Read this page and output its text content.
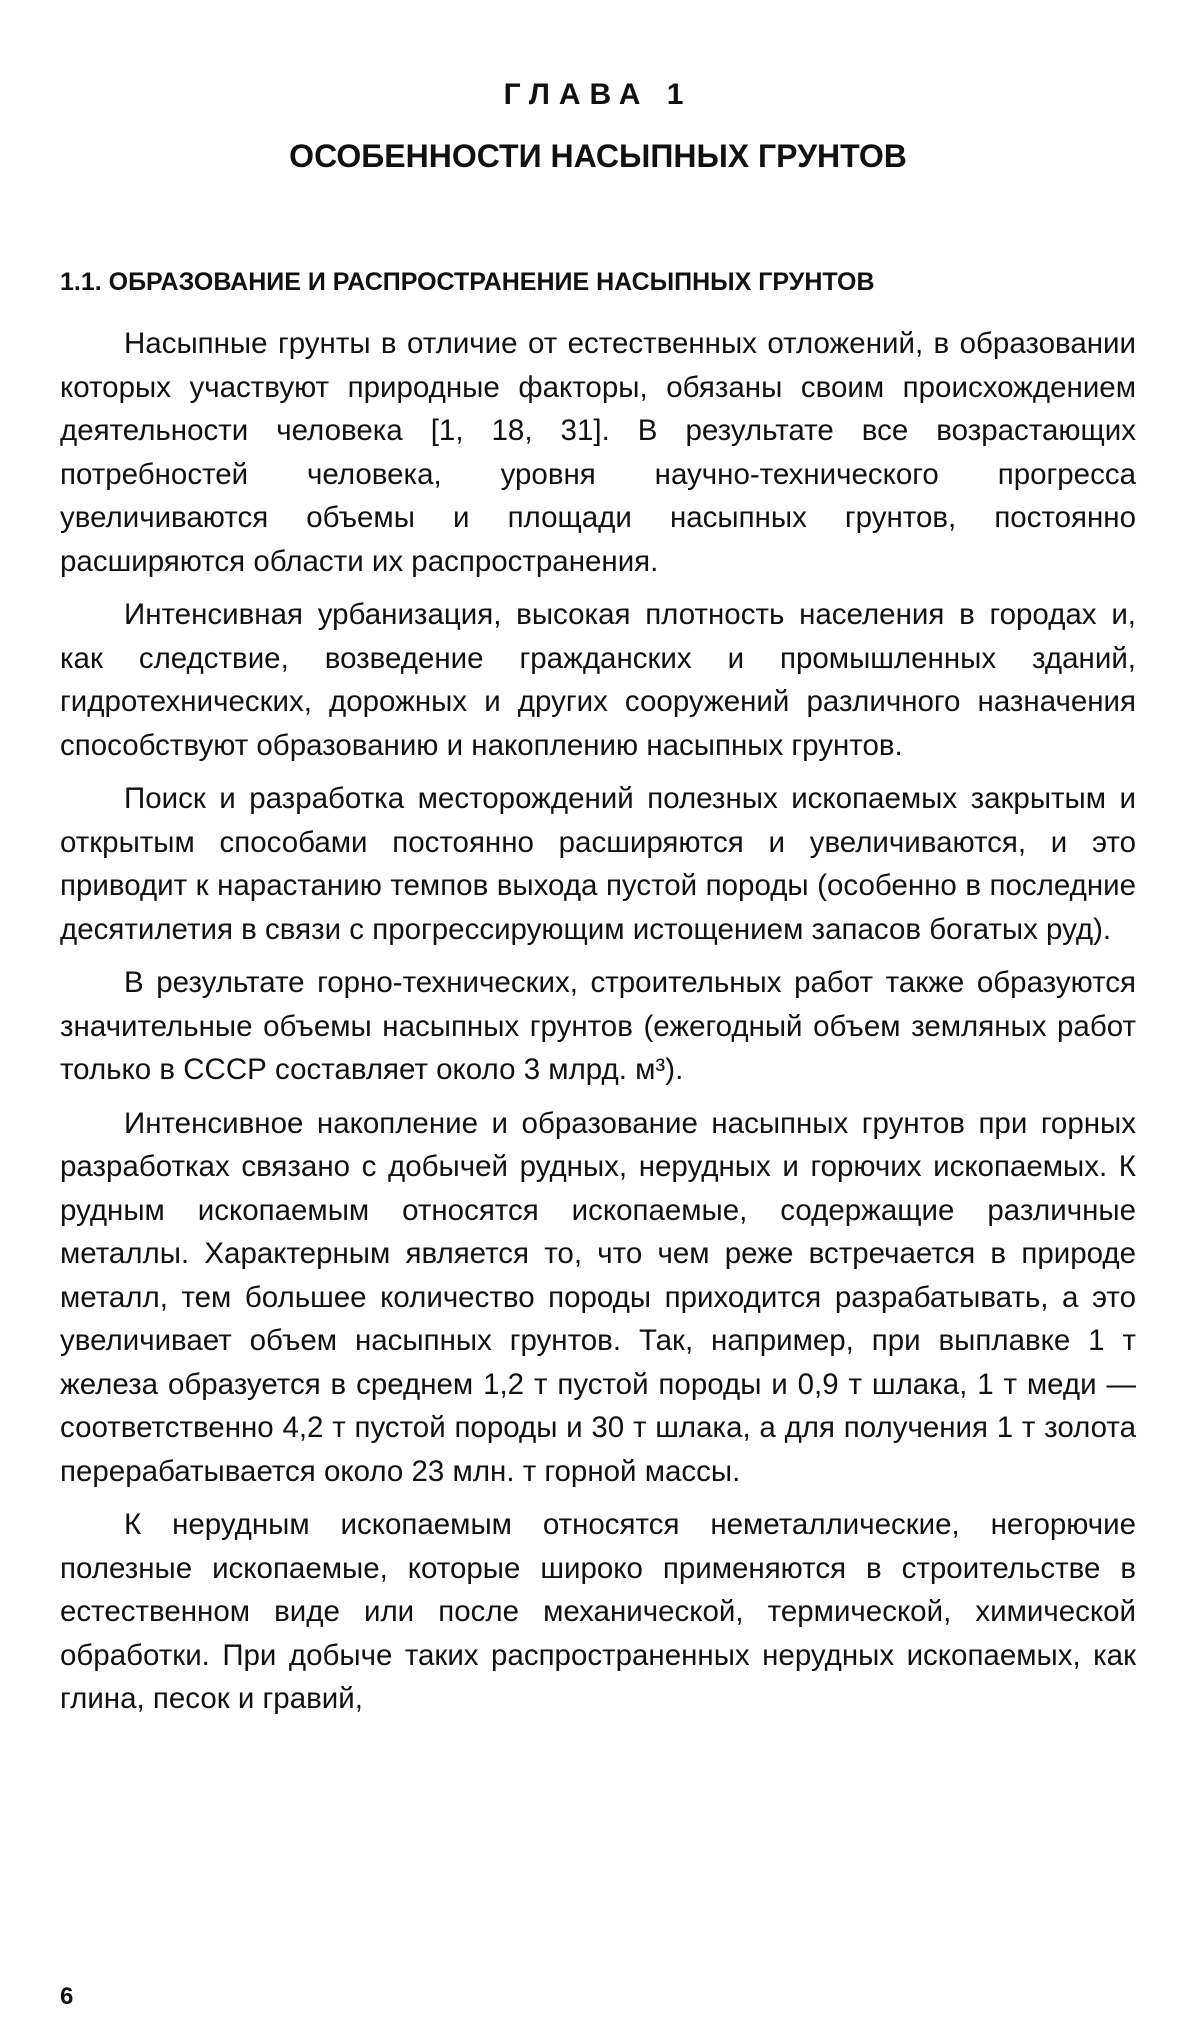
ГЛАВА 1
ОСОБЕННОСТИ НАСЫПНЫХ ГРУНТОВ
1.1. ОБРАЗОВАНИЕ И РАСПРОСТРАНЕНИЕ НАСЫПНЫХ ГРУНТОВ

Насыпные грунты в отличие от естественных отложений, в образовании которых участвуют природные факторы, обязаны своим происхождением деятельности человека [1, 18, 31]. В результате все возрастающих потребностей человека, уровня научно-технического прогресса увеличиваются объемы и площади насыпных грунтов, постоянно расширяются области их распространения.

Интенсивная урбанизация, высокая плотность населения в городах и, как следствие, возведение гражданских и промышленных зданий, гидротехнических, дорожных и других сооружений различного назначения способствуют образованию и накоплению насыпных грунтов.

Поиск и разработка месторождений полезных ископаемых закрытым и открытым способами постоянно расширяются и увеличиваются, и это приводит к нарастанию темпов выхода пустой породы (особенно в последние десятилетия в связи с прогрессирующим истощением запасов богатых руд).

В результате горно-технических, строительных работ также образуются значительные объемы насыпных грунтов (ежегодный объем земляных работ только в СССР составляет около 3 млрд. м³).

Интенсивное накопление и образование насыпных грунтов при горных разработках связано с добычей рудных, нерудных и горючих ископаемых. К рудным ископаемым относятся ископаемые, содержащие различные металлы. Характерным является то, что чем реже встречается в природе металл, тем большее количество породы приходится разрабатывать, а это увеличивает объем насыпных грунтов. Так, например, при выплавке 1 т железа образуется в среднем 1,2 т пустой породы и 0,9 т шлака, 1 т меди — соответственно 4,2 т пустой породы и 30 т шлака, а для получения 1 т золота перерабатывается около 23 млн. т горной массы.

К нерудным ископаемым относятся неметаллические, негорючие полезные ископаемые, которые широко применяются в строительстве в естественном виде или после механической, термической, химической обработки. При добыче таких распространенных нерудных ископаемых, как глина, песок и гравий,

6
